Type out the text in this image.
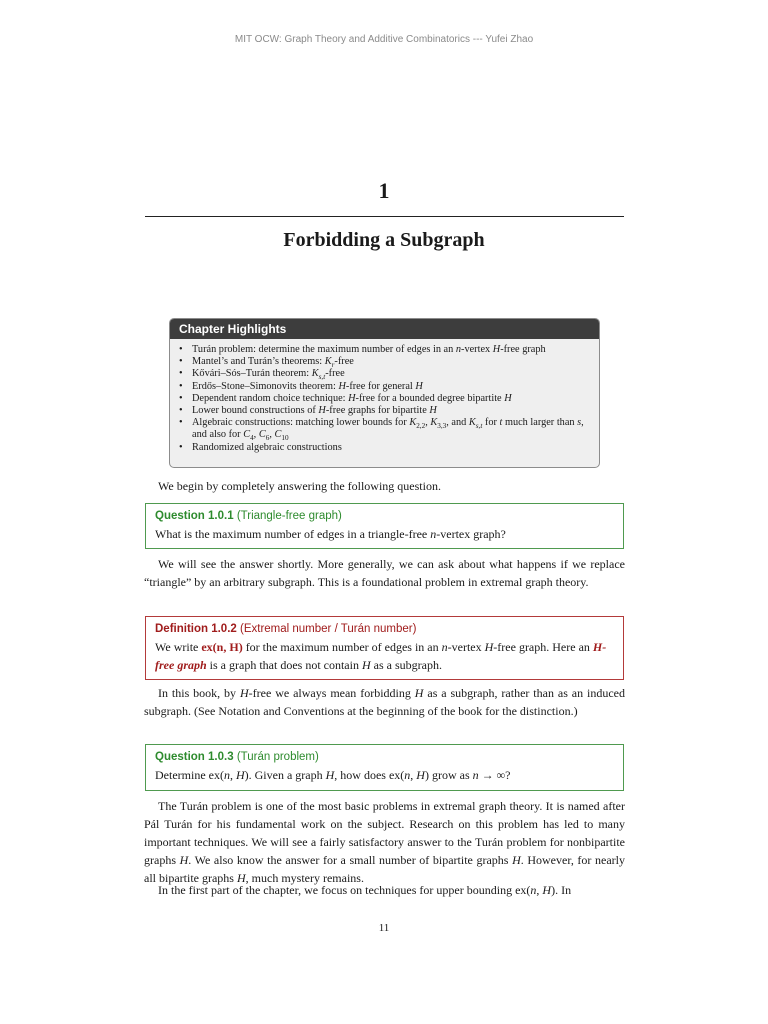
MIT OCW: Graph Theory and Additive Combinatorics --- Yufei Zhao
1
Forbidding a Subgraph
Chapter Highlights
• Turán problem: determine the maximum number of edges in an n-vertex H-free graph
• Mantel’s and Turán’s theorems: $K_r$-free
• Kővári–Sós–Turán theorem: $K_{s,t}$-free
• Erdős–Stone–Simonovits theorem: H-free for general H
• Dependent random choice technique: H-free for a bounded degree bipartite H
• Lower bound constructions of H-free graphs for bipartite H
• Algebraic constructions: matching lower bounds for $K_{2,2}$, $K_{3,3}$, and $K_{s,t}$ for t much larger than s, and also for $C_4$, $C_6$, $C_{10}$
• Randomized algebraic constructions
We begin by completely answering the following question.
Question 1.0.1 (Triangle-free graph)
What is the maximum number of edges in a triangle-free n-vertex graph?
We will see the answer shortly. More generally, we can ask about what happens if we replace “triangle” by an arbitrary subgraph. This is a foundational problem in extremal graph theory.
Definition 1.0.2 (Extremal number / Turán number)
We write ex(n, H) for the maximum number of edges in an n-vertex H-free graph. Here an H-free graph is a graph that does not contain H as a subgraph.
In this book, by H-free we always mean forbidding H as a subgraph, rather than as an induced subgraph. (See Notation and Conventions at the beginning of the book for the distinction.)
Question 1.0.3 (Turán problem)
Determine ex(n, H). Given a graph H, how does ex(n, H) grow as n → ∞?
The Turán problem is one of the most basic problems in extremal graph theory. It is named after Pál Turán for his fundamental work on the subject. Research on this problem has led to many important techniques. We will see a fairly satisfactory answer to the Turán problem for nonbipartite graphs H. We also know the answer for a small number of bipartite graphs H. However, for nearly all bipartite graphs H, much mystery remains.
In the first part of the chapter, we focus on techniques for upper bounding ex(n, H). In
11
